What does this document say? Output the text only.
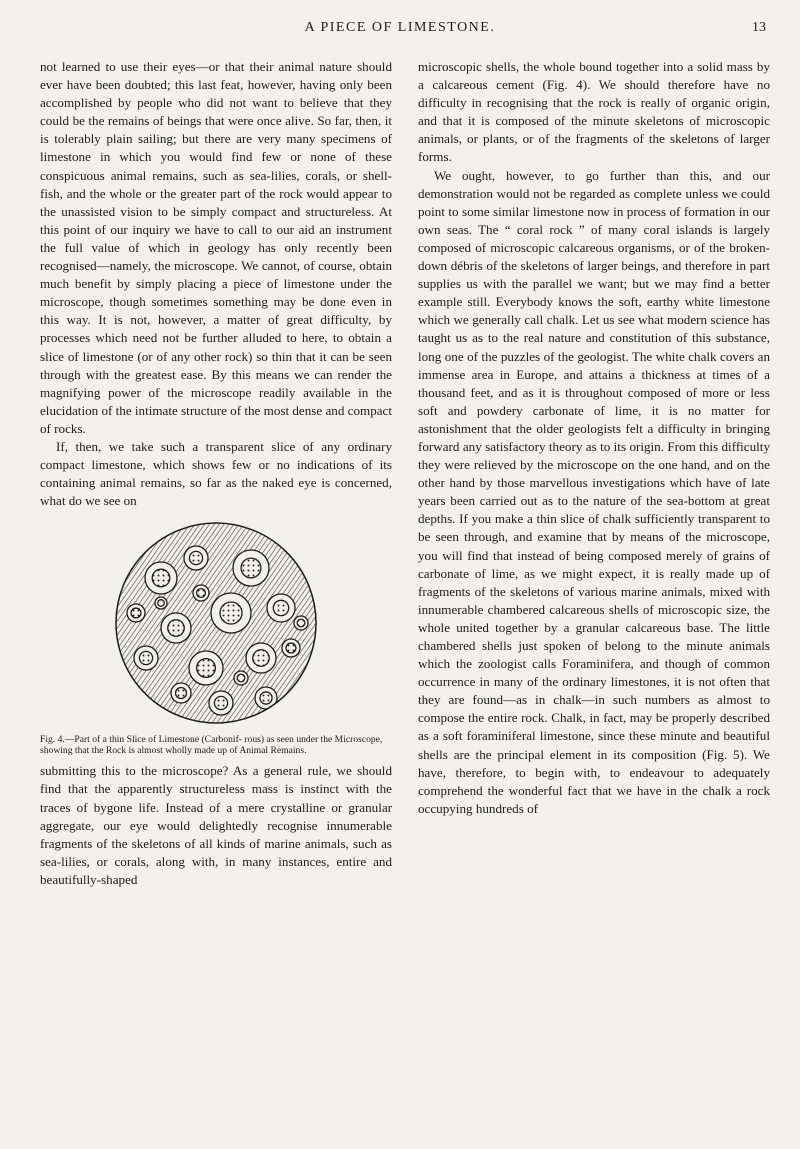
A PIECE OF LIMESTONE.	13

not learned to use their eyes—or that their animal nature should ever have been doubted; this last feat, however, having only been accomplished by people who did not want to believe that they could be the remains of beings that were once alive. So far, then, it is tolerably plain sailing; but there are very many specimens of limestone in which you would find few or none of these conspicuous animal remains, such as sea-lilies, corals, or shell-fish, and the whole or the greater part of the rock would appear to the unassisted vision to be simply compact and structureless. At this point of our inquiry we have to call to our aid an instrument the full value of which in geology has only recently been recognised—namely, the microscope. We cannot, of course, obtain much benefit by simply placing a piece of limestone under the microscope, though sometimes something may be done even in this way. It is not, however, a matter of great difficulty, by processes which need not be further alluded to here, to obtain a slice of limestone (or of any other rock) so thin that it can be seen through with the greatest ease. By this means we can render the magnifying power of the microscope readily available in the elucidation of the intimate structure of the most dense and compact of rocks.

If, then, we take such a transparent slice of any ordinary compact limestone, which shows few or no indications of its containing animal remains, so far as the naked eye is concerned, what do we see on

Fig. 4.—Part of a thin Slice of Limestone (Carbonif- rous) as seen under the Microscope, showing that the Rock is almost wholly made up of Animal Remains.

submitting this to the microscope? As a general rule, we should find that the apparently structureless mass is instinct with the traces of bygone life. Instead of a mere crystalline or granular aggregate, our eye would delightedly recognise innumerable fragments of the skeletons of all kinds of marine animals, such as sea-lilies, or corals, along with, in many instances, entire and beautifully-shaped

microscopic shells, the whole bound together into a solid mass by a calcareous cement (Fig. 4). We should therefore have no difficulty in recognising that the rock is really of organic origin, and that it is composed of the minute skeletons of microscopic animals, or plants, or of the fragments of the skeletons of larger forms.

We ought, however, to go further than this, and our demonstration would not be regarded as complete unless we could point to some similar limestone now in process of formation in our own seas. The “ coral rock ” of many coral islands is largely composed of microscopic calcareous organisms, or of the broken-down débris of the skeletons of larger beings, and therefore in part supplies us with the parallel we want; but we may find a better example still. Everybody knows the soft, earthy white limestone which we generally call chalk. Let us see what modern science has taught us as to the real nature and constitution of this substance, long one of the puzzles of the geologist. The white chalk covers an immense area in Europe, and attains a thickness at times of a thousand feet, and as it is throughout composed of more or less soft and powdery carbonate of lime, it is no matter for astonishment that the older geologists felt a difficulty in bringing forward any satisfactory theory as to its origin. From this difficulty they were relieved by the microscope on the one hand, and on the other hand by those marvellous investigations which have of late years been carried out as to the nature of the sea-bottom at great depths. If you make a thin slice of chalk sufficiently transparent to be seen through, and examine that by means of the microscope, you will find that instead of being composed merely of grains of carbonate of lime, as we might expect, it is really made up of fragments of the skeletons of various marine animals, mixed with innumerable chambered calcareous shells of microscopic size, the whole united together by a granular calcareous base. The little chambered shells just spoken of belong to the minute animals which the zoologist calls Foraminifera, and though of common occurrence in many of the ordinary limestones, it is not often that they are found—as in chalk—in such numbers as almost to compose the entire rock. Chalk, in fact, may be properly described as a soft foraminiferal limestone, since these minute and beautiful shells are the principal element in its composition (Fig. 5). We have, therefore, to begin with, to endeavour to adequately comprehend the wonderful fact that we have in the chalk a rock occupying hundreds of
